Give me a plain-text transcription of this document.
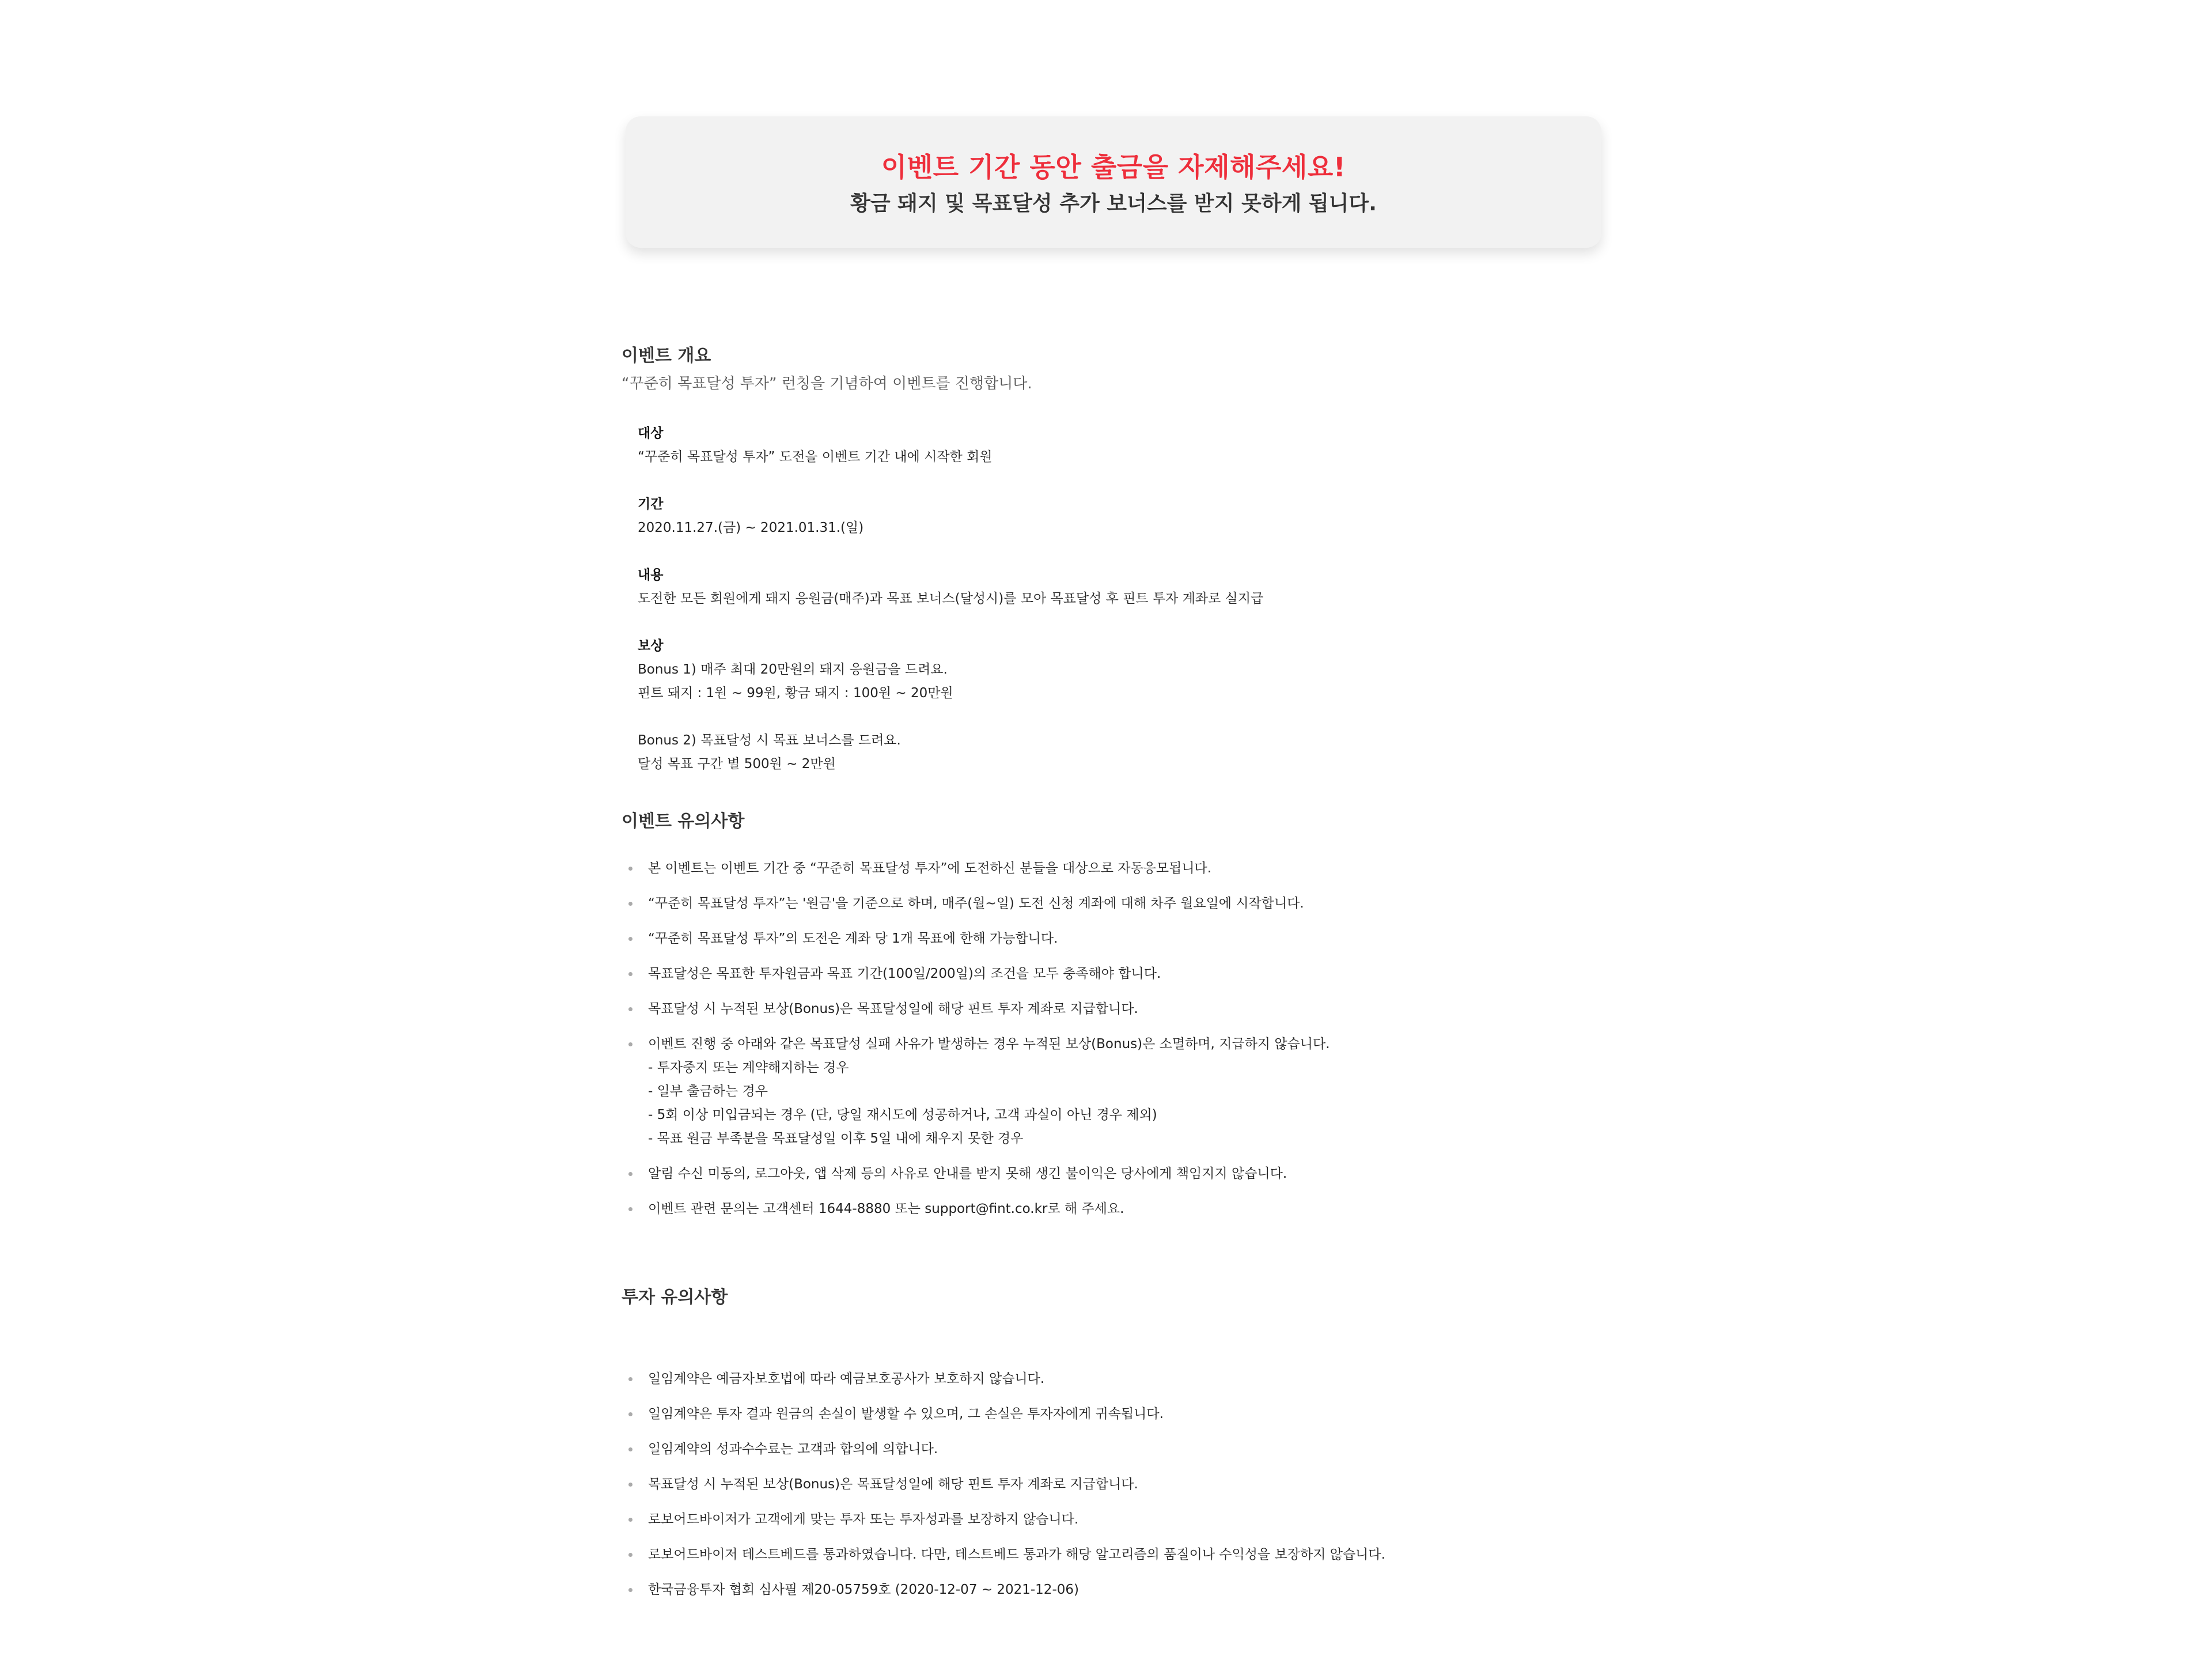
이벤트 기간 동안 출금을 자제해주세요!
황금 돼지 및 목표달성 추가 보너스를 받지 못하게 됩니다.
이벤트 개요
“꾸준히 목표달성 투자” 런칭을 기념하여 이벤트를 진행합니다.
대상
“꾸준히 목표달성 투자” 도전을 이벤트 기간 내에 시작한 회원
기간
2020.11.27.(금) ~ 2021.01.31.(일)
내용
도전한 모든 회원에게 돼지 응원금(매주)과 목표 보너스(달성시)를 모아 목표달성 후 핀트 투자 계좌로 실지급
보상
Bonus 1) 매주 최대 20만원의 돼지 응원금을 드려요.
핀트 돼지 : 1원 ~ 99원, 황금 돼지 : 100원 ~ 20만원
Bonus 2) 목표달성 시 목표 보너스를 드려요.
달성 목표 구간 별 500원 ~ 2만원
이벤트 유의사항
본 이벤트는 이벤트 기간 중 “꾸준히 목표달성 투자”에 도전하신 분들을 대상으로 자동응모됩니다.
“꾸준히 목표달성 투자”는 '원금'을 기준으로 하며, 매주(월~일) 도전 신청 계좌에 대해 차주 월요일에 시작합니다.
“꾸준히 목표달성 투자”의 도전은 계좌 당 1개 목표에 한해 가능합니다.
목표달성은 목표한 투자원금과 목표 기간(100일/200일)의 조건을 모두 충족해야 합니다.
목표달성 시 누적된 보상(Bonus)은 목표달성일에 해당 핀트 투자 계좌로 지급합니다.
이벤트 진행 중 아래와 같은 목표달성 실패 사유가 발생하는 경우 누적된 보상(Bonus)은 소멸하며, 지급하지 않습니다.
- 투자중지 또는 계약해지하는 경우
- 일부 출금하는 경우
- 5회 이상 미입금되는 경우 (단, 당일 재시도에 성공하거나, 고객 과실이 아닌 경우 제외)
- 목표 원금 부족분을 목표달성일 이후 5일 내에 채우지 못한 경우
알림 수신 미동의, 로그아웃, 앱 삭제 등의 사유로 안내를 받지 못해 생긴 불이익은 당사에게 책임지지 않습니다.
이벤트 관련 문의는 고객센터 1644-8880 또는 support@fint.co.kr로 해 주세요.
투자 유의사항
일임계약은 예금자보호법에 따라 예금보호공사가 보호하지 않습니다.
일임계약은 투자 결과 원금의 손실이 발생할 수 있으며, 그 손실은 투자자에게 귀속됩니다.
일임계약의 성과수수료는 고객과 합의에 의합니다.
목표달성 시 누적된 보상(Bonus)은 목표달성일에 해당 핀트 투자 계좌로 지급합니다.
로보어드바이저가 고객에게 맞는 투자 또는 투자성과를 보장하지 않습니다.
로보어드바이저 테스트베드를 통과하였습니다. 다만, 테스트베드 통과가 해당 알고리즘의 품질이나 수익성을 보장하지 않습니다.
한국금융투자 협회 심사필 제20-05759호 (2020-12-07 ~ 2021-12-06)
